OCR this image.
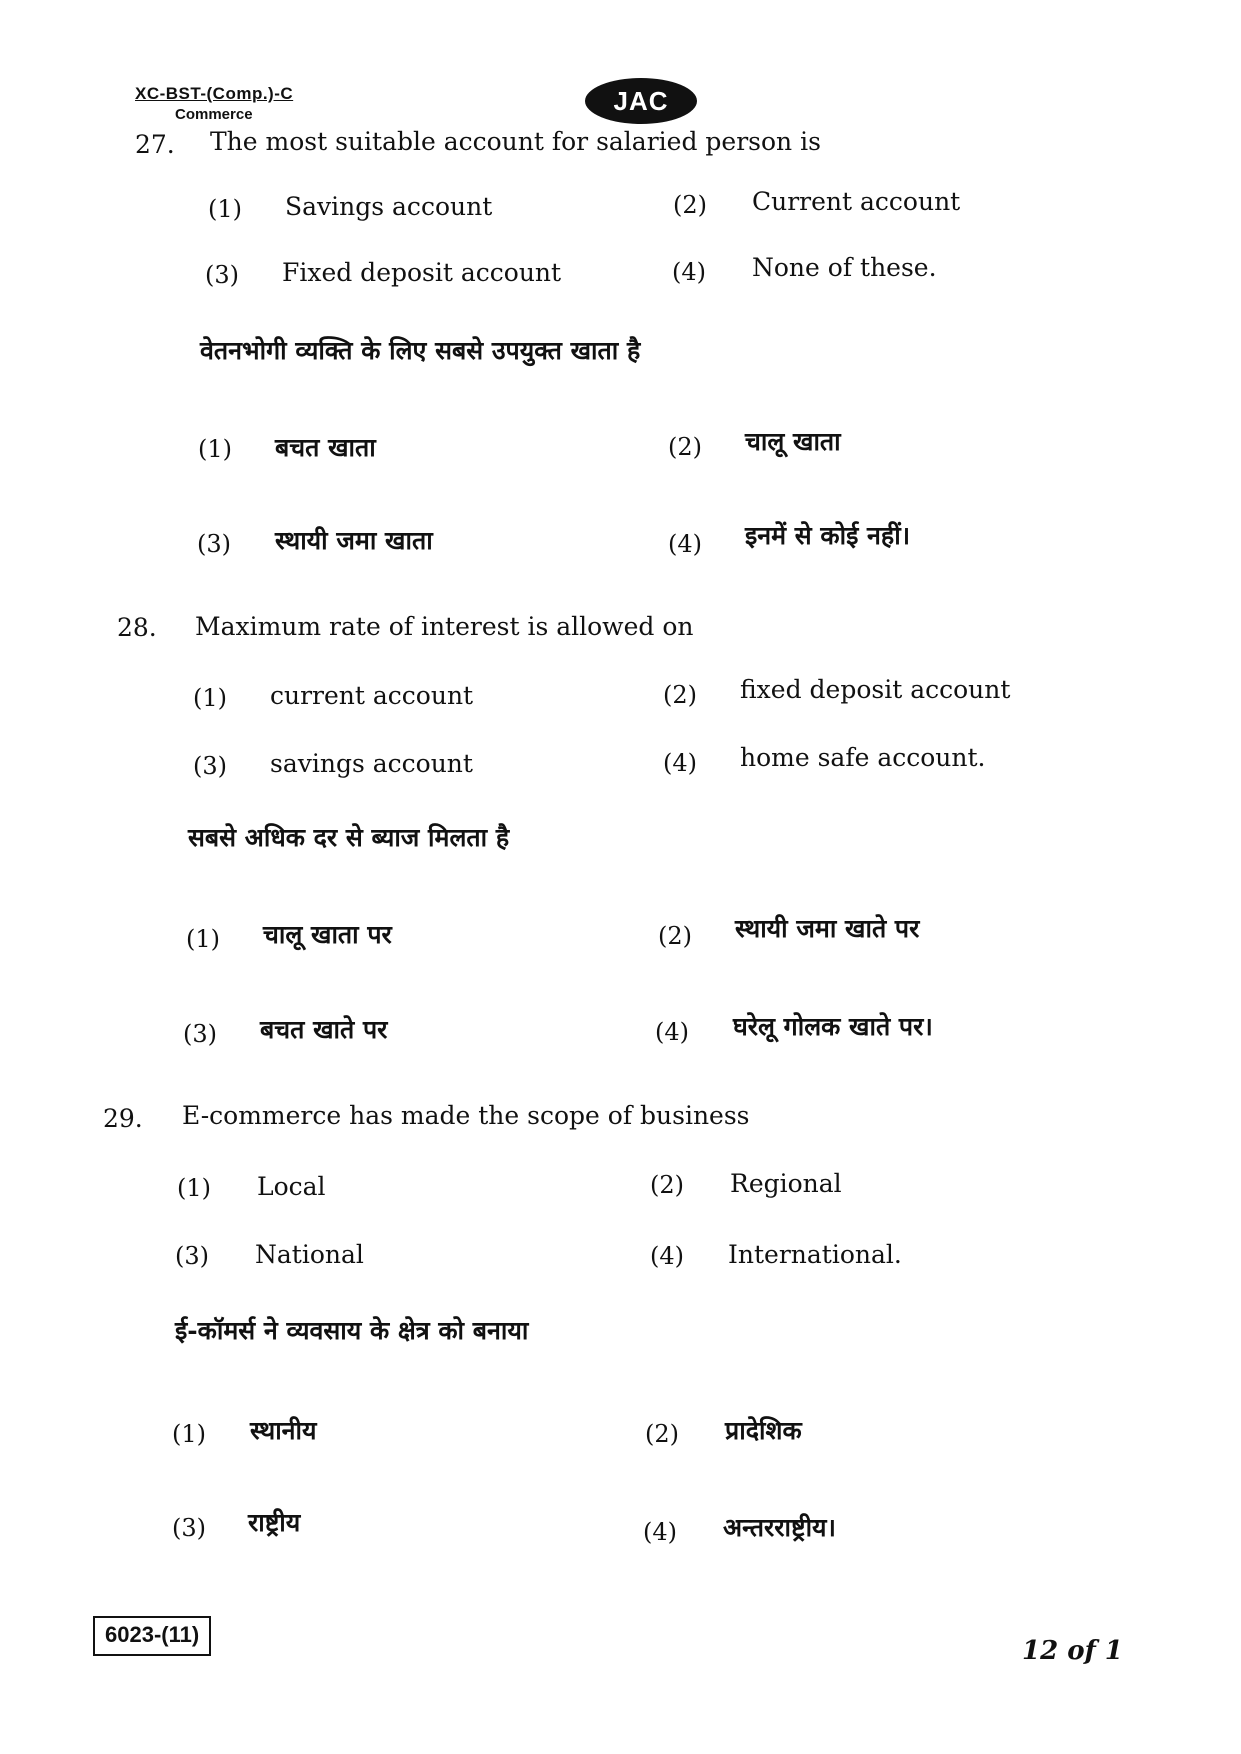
XC-BST-(Comp.)-C
Commerce	JAC
27. The most suitable account for salaried person is
(1) Savings account	(2) Current account
(3) Fixed deposit account	(4) None of these.
वेतनभोगी व्यक्ति के लिए सबसे उपयुक्त खाता है
(1) बचत खाता	(2) चालू खाता
(3) स्थायी जमा खाता	(4) इनमें से कोई नहीं।
28. Maximum rate of interest is allowed on
(1) current account	(2) fixed deposit account
(3) savings account	(4) home safe account.
सबसे अधिक दर से ब्याज मिलता है
(1) चालू खाता पर	(2) स्थायी जमा खाते पर
(3) बचत खाते पर	(4) घरेलू गोलक खाते पर।
29. E-commerce has made the scope of business
(1) Local	(2) Regional
(3) National	(4) International.
ई-कॉमर्स ने व्यवसाय के क्षेत्र को बनाया
(1) स्थानीय	(2) प्रादेशिक
(3) राष्ट्रीय	(4) अन्तरराष्ट्रीय।
6023-(11)
12 of 1
